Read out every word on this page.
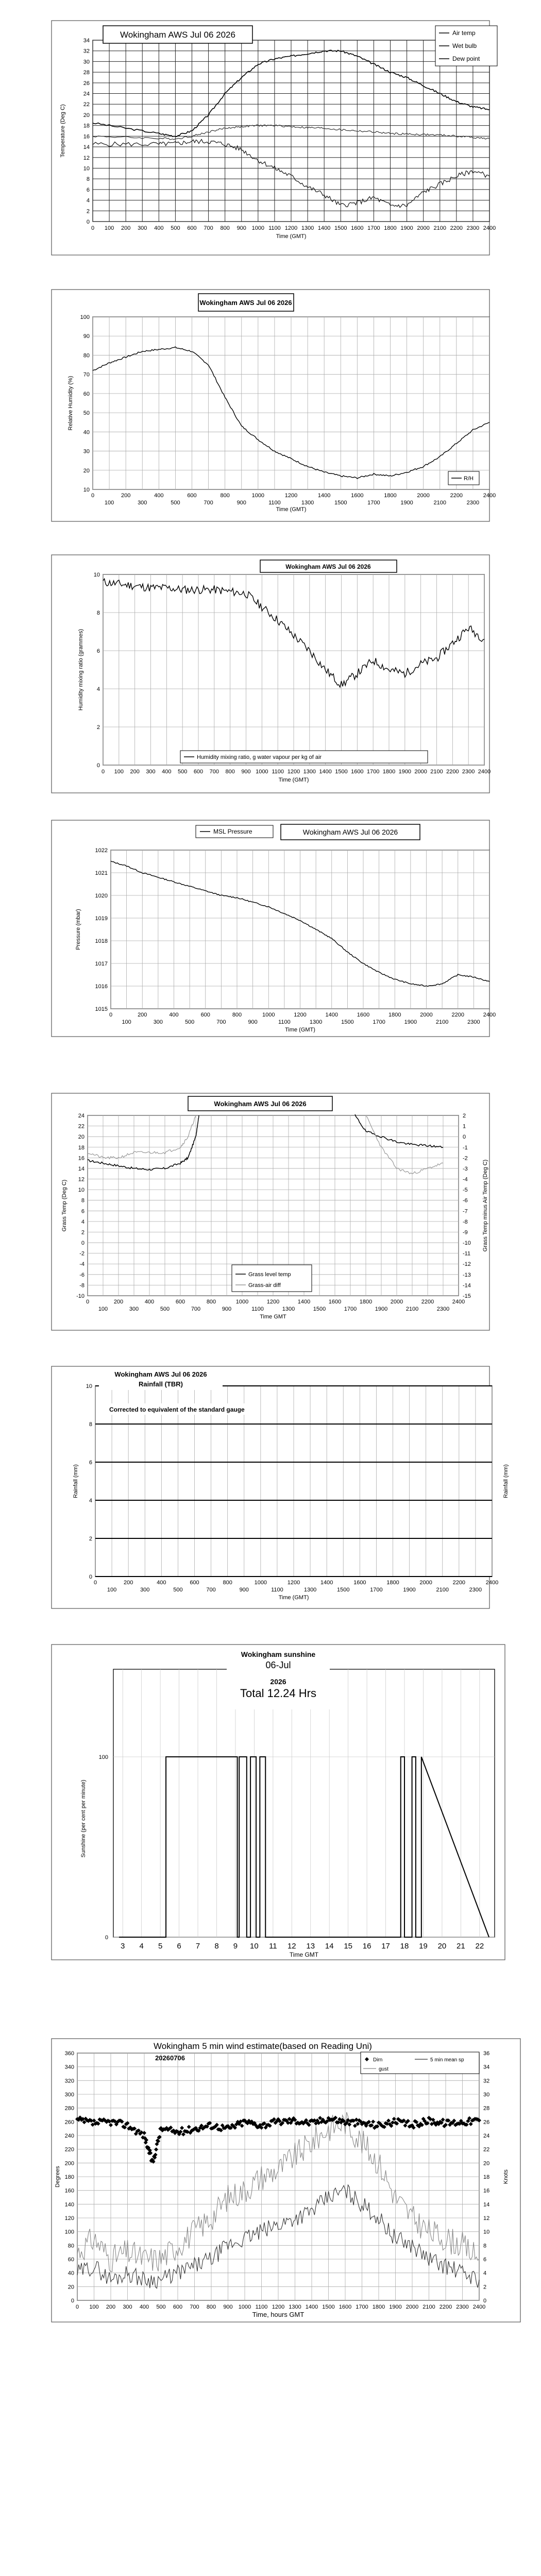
0
2
4
6
8
10
12
14
16
18
20
22
24
26
28
30
32
34
0 100 200 300 400 500 600 700 800 900 1000 1100 1200 1300 1400 1500 1600 1700 1800 1900 2000 2100 2200 2300 2400
Time (GMT)
Temperature (Deg C)
Wokingham AWS Jul 06 2026	Air temp
Wet bulb
Dew point
10
20
30
40
50
60
70
80
90
100
0	200	400	600	800	1000	1200	1400	1600	1800	2000	2200	2400
100	300	500	700	900	1100	1300	1500	1700	1900	2100	2300
Time (GMT)
Relative Humidity (%)
Wokingham AWS Jul 06 2026
R/H
0
2
4
6
8
10
0 100 200 300 400 500 600 700 800 900 1000 1100 1200 1300 1400 1500 1600 1700 1800 1900 2000 2100 2200 2300 2400
Time (GMT)
Humidity mixing ratio (grammes)
Wokingham AWS Jul 06 2026
Humidity mixing ratio, g water vapour per kg of air
1015
1016
1017
1018
1019
1020
1021
1022
0	200	400	600	800	1000	1200	1400	1600	1800	2000	2200	2400
100	300	500	700	900	1100	1300	1500	1700	1900	2100	2300
Time (GMT)
Pressure (mbar)
MSL Pressure	Wokingham AWS Jul 06 2026
-10
-8
-6
-4
-2
0
2
4
6
8
10
12
14
16
18
20
22
24
-15
-14
-13
-12
-11
-10
-9
-8
-7
-6
-5
-4
-3
-2
-1
0
1
2
0	200	400	600	800	1000	1200	1400	1600	1800	2000	2200	2400
100	300	500	700	900	1100	1300	1500	1700	1900	2100	2300
Time GMT
Grass Temp (Deg C)	Grass Temp minus Air Temp (Deg C)
Wokingham AWS Jul 06 2026
Grass level temp
Grass-air diff
0
2
4
6
8
10
0	200	400	600	800	1000	1200	1400	1600	1800	2000	2200	2400
100	300	500	700	900	1100	1300	1500	1700	1900	2100	2300
Time (GMT)
Rainfall (mm)	Rainfall (mm)
Wokingham AWS Jul 06 2026
Rainfall (TBR)
Corrected to equivalent of the standard gauge
3 4 5 6 7 8 9 10 11 12 13 14 15 16 17 18 19 20 21 22
0
100
Time GMT
Sunshine (per cent per minute)
Wokingham sunshine
06-Jul
2026
Total 12.24 Hrs
0
20
40
60
80
100
120
140
160
180
200
220
240
260
280
300
320
340
360
0
2
4
6
8
10
12
14
16
18
20
22
24
26
28
30
32
34
36
0 100 200 300 400 500 600 700 800 900 1000 1100 1200 1300 1400 1500 1600 1700 1800 1900 2000 2100 2200 2300 2400
Time, hours GMT
Degrees	Knots
Wokingham 5 min wind estimate(based on Reading Uni)
20260706	Dirn	5 min mean sp
gust
